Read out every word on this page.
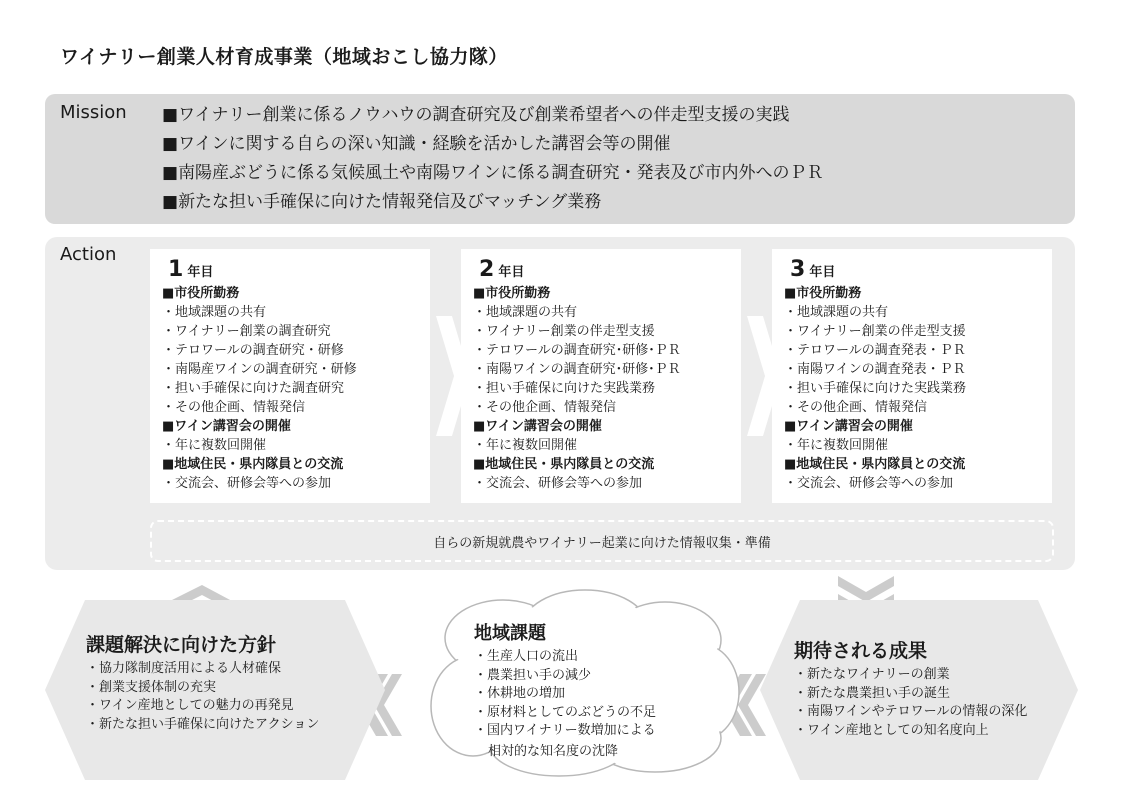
ワイナリー創業人材育成事業（地域おこし協力隊）
Mission ■ワイナリー創業に係るノウハウの調査研究及び創業希望者への伴走型支援の実践
■ワインに関する自らの深い知識・経験を活かした講習会等の開催
■南陽産ぶどうに係る気候風土や南陽ワインに係る調査研究・発表及び市内外へのＰＲ
■新たな担い手確保に向けた情報発信及びマッチング業務
Action
1 年目
■ 市役所勤務
・ 地域課題の共有
・ ワイナリー創業の調査研究
・ テロワールの調査研究・研修
・ 南陽産ワインの調査研究・研修
・ 担い手確保に向けた調査研究
・ その他企画、情報発信
■ ワイン講習会の開催
・ 年に複数回開催
■ 地域住民・県内隊員との交流
・ 交流会、研修会等への参加
2 年目
■ 市役所勤務
・ 地域課題の共有
・ ワイナリー創業の伴走型支援
・ テロワールの調査研究･研修･ＰＲ
・ 南陽ワインの調査研究･研修･ＰＲ
・ 担い手確保に向けた実践業務
・ その他企画、情報発信
■ ワイン講習会の開催
・ 年に複数回開催
■ 地域住民・県内隊員との交流
・ 交流会、研修会等への参加
3 年目
■ 市役所勤務
・ 地域課題の共有
・ ワイナリー創業の伴走型支援
・ テロワールの調査発表・ＰＲ
・ 南陽ワインの調査発表・ＰＲ
・ 担い手確保に向けた実践業務
・ その他企画、情報発信
■ ワイン講習会の開催
・ 年に複数回開催
■ 地域住民・県内隊員との交流
・ 交流会、研修会等への参加
自らの新規就農やワイナリー起業に向けた情報収集・準備
課題解決に向けた方針
・ 協力隊制度活用による人材確保
・ 創業支援体制の充実
・ ワイン産地としての魅力の再発見
・ 新たな担い手確保に向けたアクション
地域課題
・ 生産人口の流出
・ 農業担い手の減少
・ 休耕地の増加
・ 原材料としてのぶどうの不足
・ 国内ワイナリー数増加による
相対的な知名度の沈降
期待される成果
・ 新たなワイナリーの創業
・ 新たな農業担い手の誕生
・ 南陽ワインやテロワールの情報の深化
・ ワイン産地としての知名度向上
